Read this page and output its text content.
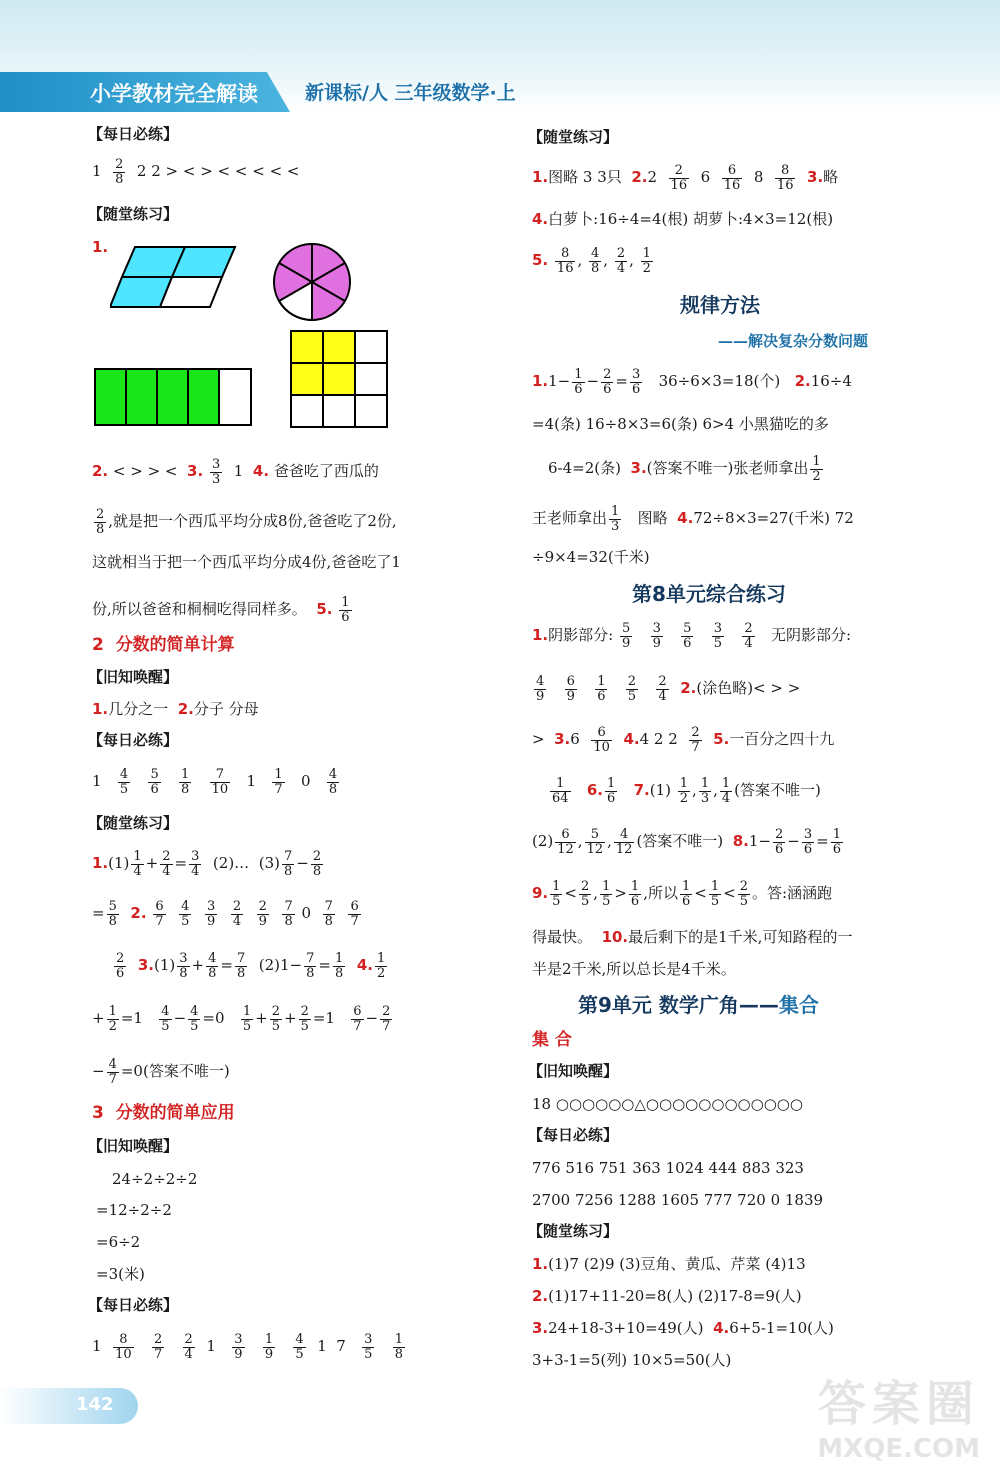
小学教材完全解读 新课标/人 三年级数学·上
【每日必练】
$1 \frac{2}{8} 2$ 2 > < > < < < < <
【随堂练习】
1.
2. < > > < 3. $\frac{3}{3} 1$ 4. 爸爸吃了西瓜的
$\frac{2}{8}$ ,就是把一个西瓜平均分成8份,爸爸吃了2份,
这就相当于把一个西瓜平均分成4份,爸爸吃了1
份,所以爸爸和桐桐吃得同样多。 5. $\frac{1}{6}$
2 分数的简单计算
【旧知唤醒】
1.几分之一 2.分子 分母
【每日必练】
$1 \frac{4}{5}$
$\frac{5}{6}$
$\frac{1}{8}$
$\frac{7}{10} 1 \frac{1}{7} 0 \frac{4}{8}$
【随堂练习】
$1.(1) \frac{1}{4} + \frac{2}{4} = \frac{3}{4}$ (2)…  $(3) \frac{7}{8} - \frac{2}{8}$
= $\frac{5}{8} 2$. $\frac{6}{7}$
$\frac{4}{5}$
$\frac{3}{9}$
$\frac{2}{4}$
$\frac{2}{9}$
$\frac{7}{8} 0 \frac{7}{8}$
$\frac{6}{7}$
$\frac{2}{6} 3.(1) \frac{3}{8} + \frac{4}{8} = \frac{7}{8} (2)1- \frac{7}{8} = \frac{1}{8} 4$. $\frac{1}{2}$
+ $\frac{1}{2} =1 \frac{4}{5} - \frac{4}{5} =0 \frac{1}{5} + \frac{2}{5} + \frac{2}{5} =1 \frac{6}{7} - \frac{2}{7}$
− $\frac{4}{7} =0$(答案不唯一)
3 分数的简单应用
【旧知唤醒】
24÷2÷2÷2
=12÷2÷2
=6÷2
=3(米)
【每日必练】
$1 \frac{8}{10}$
$\frac{2}{7}$
$\frac{2}{4} 1 \frac{3}{9}$
$\frac{1}{9}$
$\frac{4}{5} 1$  $7 \frac{3}{5}$
$\frac{1}{8}$
【随堂练习】
1.图略 3 3只 $2.2 \frac{2}{16} 6 \frac{6}{16} 8 \frac{8}{16} 3$.略
4.白萝卜:16÷4=4(根) 胡萝卜:4×3=12(根)
5. $\frac{8}{16}$ , $\frac{4}{8}$ , $\frac{2}{4}$ , $\frac{1}{2}$
规律方法
——解决复杂分数问题
$1.1- \frac{1}{6} - \frac{2}{6} = \frac{3}{6} 36\div 6\times 3=18$(个) 2.16÷4
=4(条) 16÷8×3=6(条) 6>4 小黑猫吃的多
6-4=2(条) 3.(答案不唯一)张老师拿出 $\frac{1}{2}$
王老师拿出 $\frac{1}{3}$ 图略 4.72÷8×3=27(千米) 72
÷9×4=32(千米)
第8单元综合练习
1.阴影部分: $\frac{5}{9}$
$\frac{3}{9}$
$\frac{5}{6}$
$\frac{3}{5}$
$\frac{2}{4}$ 无阴影部分:
$\frac{4}{9}$
$\frac{6}{9}$
$\frac{1}{6}$
$\frac{2}{5}$
$\frac{2}{4} 2$.(涂色略)< > >
> $3.6 \frac{6}{10} 4.4$ 2 $2 \frac{2}{7} 5$.一百分之四十九
$\frac{1}{64} 6$. $\frac{1}{6} 7.(1) \frac{1}{2}$ , $\frac{1}{3}$ , $\frac{1}{4}$ (答案不唯一)
$(2) \frac{6}{12}$ , $\frac{5}{12}$ , $\frac{4}{12}$ (答案不唯一) $8.1- \frac{2}{6} - \frac{3}{6} = \frac{1}{6}$
9. $\frac{1}{5} < \frac{2}{5}$ , $\frac{1}{5} > \frac{1}{6}$ ,所以 $\frac{1}{6} < \frac{1}{5} < \frac{2}{5}$ 。答:涵涵跑
得最快。 10.最后剩下的是1千米,可知路程的一
半是2千米,所以总长是4千米。
第9单元 数学广角——集合
集 合
【旧知唤醒】
18 ○○○○○○△○○○○○○○○○○○○
【每日必练】
776 516 751 363 1024 444 883 323
2700 7256 1288 1605 777 720 0 1839
【随堂练习】
1.(1)7 (2)9 (3)豆角、黄瓜、芹菜 (4)13
2.(1)17+11-20=8(人) (2)17-8=9(人)
3.24+18-3+10=49(人) 4.6+5-1=10(人)
3+3-1=5(列) 10×5=50(人)
142	答案圈
MXQE.COM
